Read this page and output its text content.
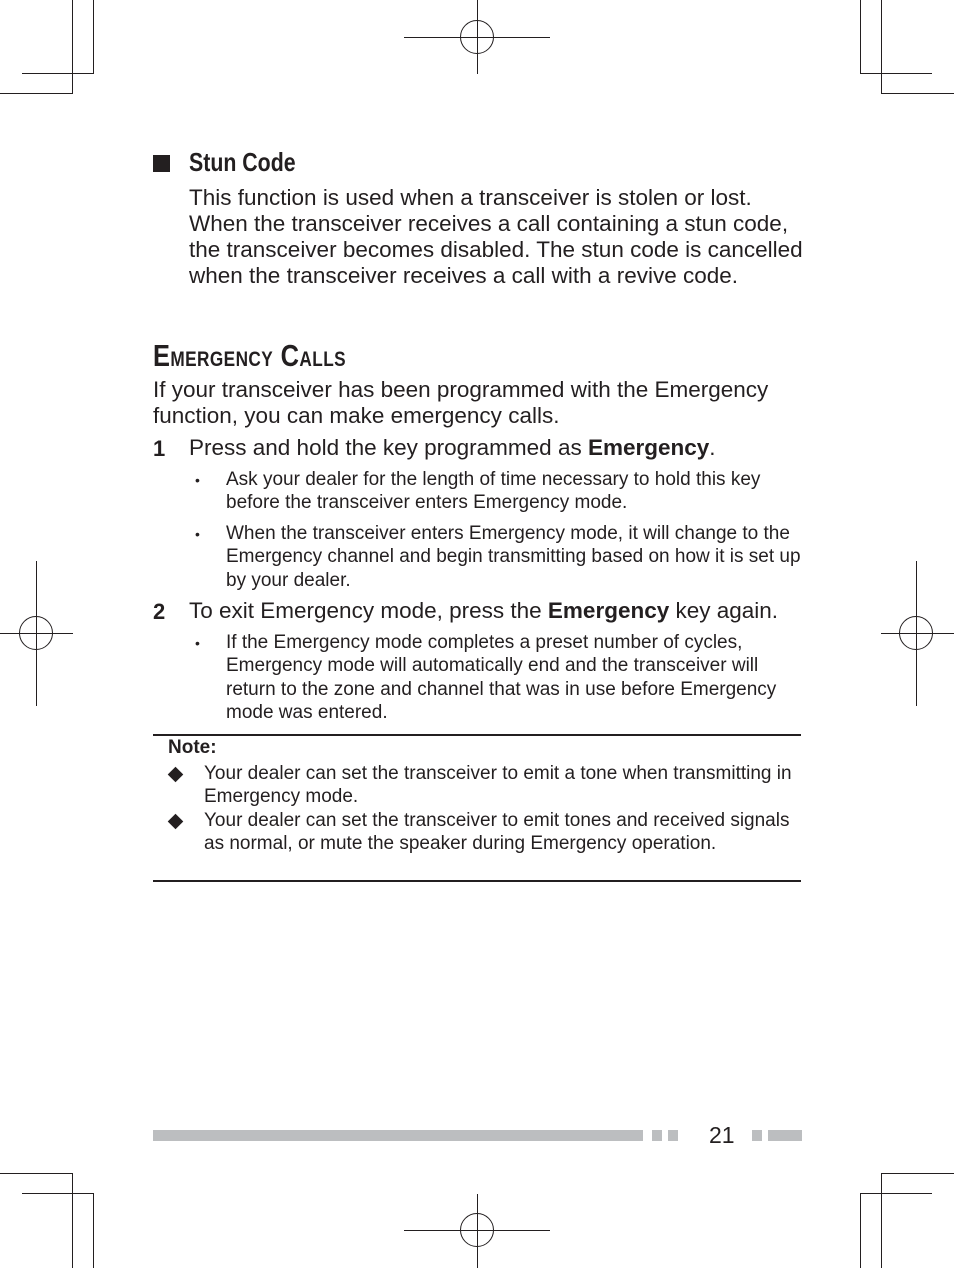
Stun Code
This function is used when a transceiver is stolen or lost. When the transceiver receives a call containing a stun code, the transceiver becomes disabled. The stun code is cancelled when the transceiver receives a call with a revive code.
EMERGENCY CALLS
If your transceiver has been programmed with the Emergency function, you can make emergency calls.
1 Press and hold the key programmed as Emergency.
• Ask your dealer for the length of time necessary to hold this key before the transceiver enters Emergency mode.
• When the transceiver enters Emergency mode, it will change to the Emergency channel and begin transmitting based on how it is set up by your dealer.
2 To exit Emergency mode, press the Emergency key again.
• If the Emergency mode completes a preset number of cycles, Emergency mode will automatically end and the transceiver will return to the zone and channel that was in use before Emergency mode was entered.
Note:
Your dealer can set the transceiver to emit a tone when transmitting in Emergency mode.
Your dealer can set the transceiver to emit tones and received signals as normal, or mute the speaker during Emergency operation.
21
